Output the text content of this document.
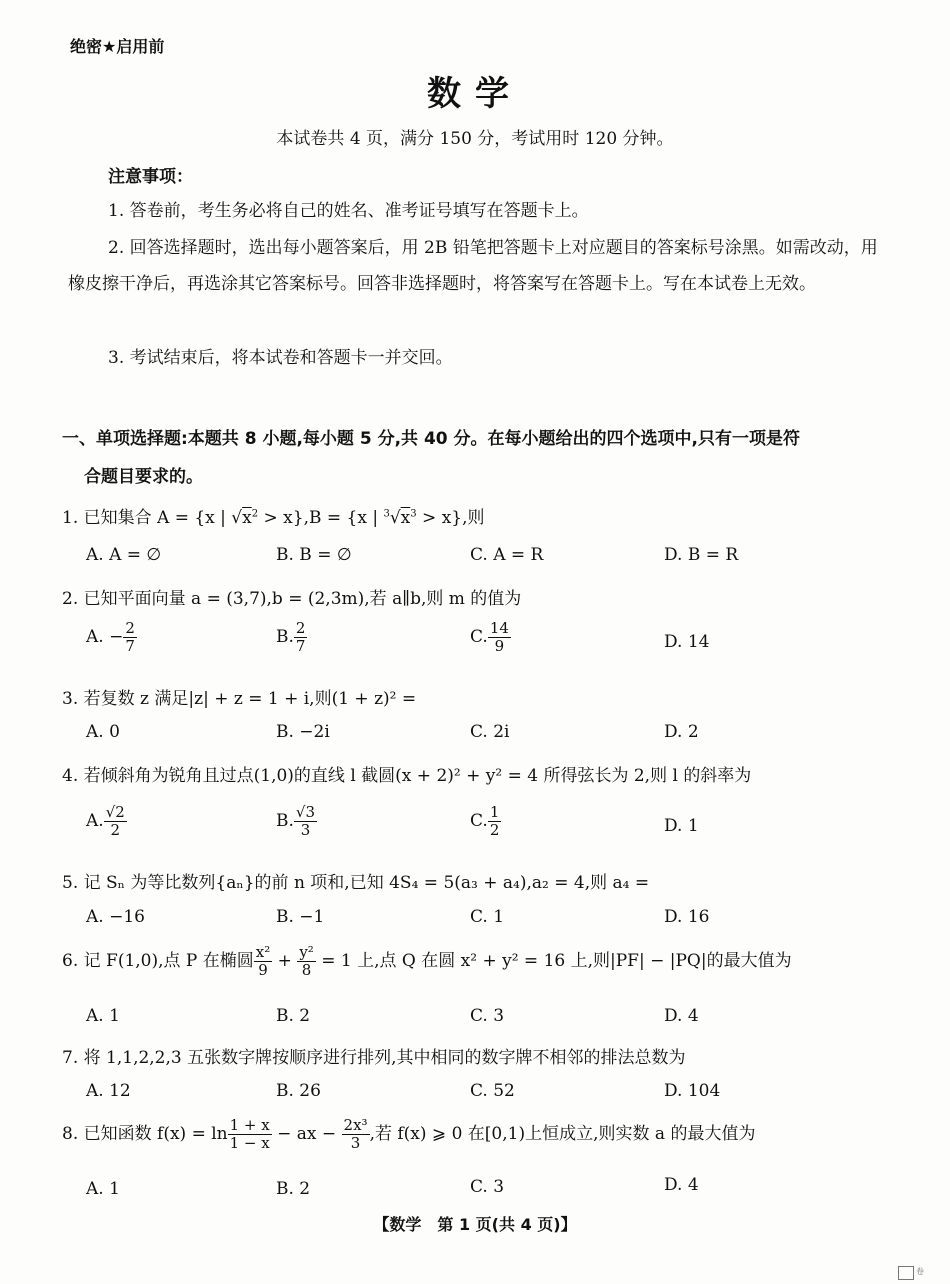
绝密★启用前
数学
本试卷共 4 页，满分 150 分，考试用时 120 分钟。
注意事项：
1. 答卷前，考生务必将自己的姓名、准考证号填写在答题卡上。
2. 回答选择题时，选出每小题答案后，用 2B 铅笔把答题卡上对应题目的答案标号涂黑。如需改动，用橡皮擦干净后，再选涂其它答案标号。回答非选择题时，将答案写在答题卡上。写在本试卷上无效。
3. 考试结束后，将本试卷和答题卡一并交回。
一、单项选择题:本题共 8 小题,每小题 5 分,共 40 分。在每小题给出的四个选项中,只有一项是符
合题目要求的。
1. 已知集合 A = {x | $√x^2 > x\},B = \{x$ | $^3√x^3 > x$},则
A. A = ∅	B. B = ∅	C. A = R	D. B = R
2. 已知平面向量 a = (3,7),b = (2,3m),若 a∥b,则 m 的值为
A. − $\frac{2}{7}$	B. $\frac{2}{7}$	C. $\frac{14}{9}$	D. 14
3. 若复数 z 满足|z| + z = 1 + i,则(1 + z)² =
A. 0	B. −2i	C. 2i	D. 2
4. 若倾斜角为锐角且过点(1,0)的直线 l 截圆(x + 2)² + y² = 4 所得弦长为 2,则 l 的斜率为
A. $\frac{√2}{2}$	B. $\frac{√3}{3}$	C. $\frac{1}{2}$	D. 1
5. 记 Sₙ 为等比数列{aₙ}的前 n 项和,已知 4S₄ = 5(a₃ + a₄),a₂ = 4,则 a₄ =
A. −16	B. −1	C. 1	D. 16
6. 记 F(1,0),点 P 在椭圆 $\frac{\text{x²}}{9} + \frac{\text{y²}}{8} = 1$ 上,点 Q 在圆 x² + y² = 16 上,则|PF| − |PQ|的最大值为
A. 1	B. 2	C. 3	D. 4
7. 将 1,1,2,2,3 五张数字牌按顺序进行排列,其中相同的数字牌不相邻的排法总数为
A. 12	B. 26	C. 52	D. 104
8. 已知函数 $f(x) = \ln \frac{1 + x}{1 - x}$ − ax − $\frac{\text{2x³}}{3}$ ,若 f(x) ⩾ 0 在[0,1)上恒成立,则实数 a 的最大值为
A. 1	B. 2	C. 3	D. 4
【数学　第 1 页(共 4 页)】
卷
